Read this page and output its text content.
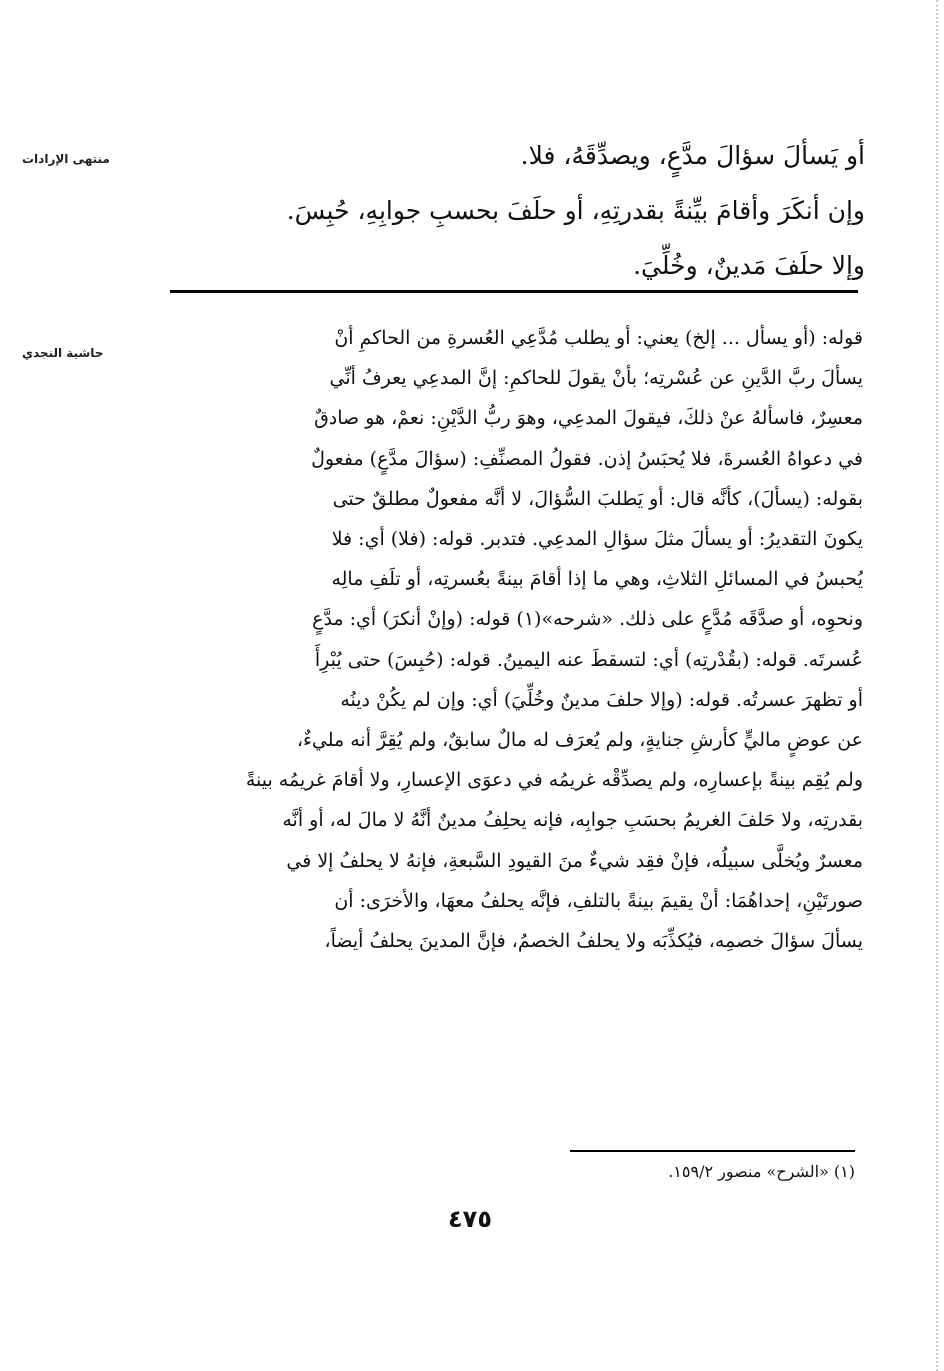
منتهى الإرادات
حاشية النجدي

أو يَسألَ سؤالَ مدَّعٍ، ويصدِّقَهُ، فلا.

وإن أنكَرَ وأقامَ بيِّنةً بقدرتِهِ، أو حلَفَ بحسبِ جوابِهِ، حُبِسَ.

وإلا حلَفَ مَدينٌ، وخُلِّيَ.

قوله: (أو يسأل ... إلخ) يعني: أو يطلب مُدَّعِي العُسرةِ من الحاكمِ أنْ

يسألَ ربَّ الدَّينِ عن عُسْرتِه؛ بأنْ يقولَ للحاكمِ: إنَّ المدعِي يعرفُ أنِّي

معسِرٌ، فاسألهُ عنْ ذلكَ، فيقولَ المدعِي، وهوَ ربُّ الدَّيْنِ: نعمْ، هو صادقٌ

في دعواهُ العُسرةَ، فلا يُحبَسُ إذن. فقولُ المصنِّفِ: (سؤالَ مدَّعٍ) مفعولٌ

بقوله: (يسألَ)، كأنَّه قال: أو يَطلبَ السُّؤالَ، لا أنَّه مفعولٌ مطلقٌ حتى

يكونَ التقديرُ: أو يسألَ مثلَ سؤالِ المدعِي. فتدبر. قوله: (فلا) أي: فلا

يُحبسُ في المسائلِ الثلاثِ، وهي ما إذا أقامَ بينةً بعُسرتِه، أو تلَفِ مالِه

ونحوِه، أو صدَّقَه مُدَّعٍ على ذلك. «شرحه»(١) قوله: (وإنْ أنكرَ) أي: مدَّعٍ

عُسرتَه. قوله: (بقُدْرتِه) أي: لتسقطَ عنه اليمينُ. قوله: (حُبِسَ) حتى يُبْرِأَ

أو تظهرَ عسرتُه. قوله: (وإلا حلفَ مدينٌ وخُلِّيَ) أي: وإن لم يكُنْ دينُه

عن عوضٍ ماليٍّ كأرشِ جنايةٍ، ولم يُعرَف له مالٌ سابقٌ، ولم يُقِرَّ أنه مليءٌ،

ولم يُقِم بينةً بإعسارِه، ولم يصدِّقْه غريمُه في دعوَى الإعسارِ، ولا أقامَ غريمُه بينةً

بقدرتِه، ولا حَلفَ الغريمُ بحسَبِ جوابِه، فإنه يحلِفُ مدينٌ أنَّهُ لا مالَ له، أو أنَّه

معسرٌ ويُخلَّى سبيلُه، فإنْ فقِد شيءٌ منَ القيودِ السَّبعةِ، فإنهُ لا يحلفُ إلا في

صورتَيْنِ، إحداهُمَا: أنْ يقيمَ بينةً بالتلفِ، فإنَّه يحلفُ معهَا، والأخرَى: أن

يسألَ سؤالَ خصمِه، فيُكذِّبَه ولا يحلفُ الخصمُ، فإنَّ المدينَ يحلفُ أيضاً،

(١) «الشرح» منصور ١٥٩/٢.
٤٧٥
